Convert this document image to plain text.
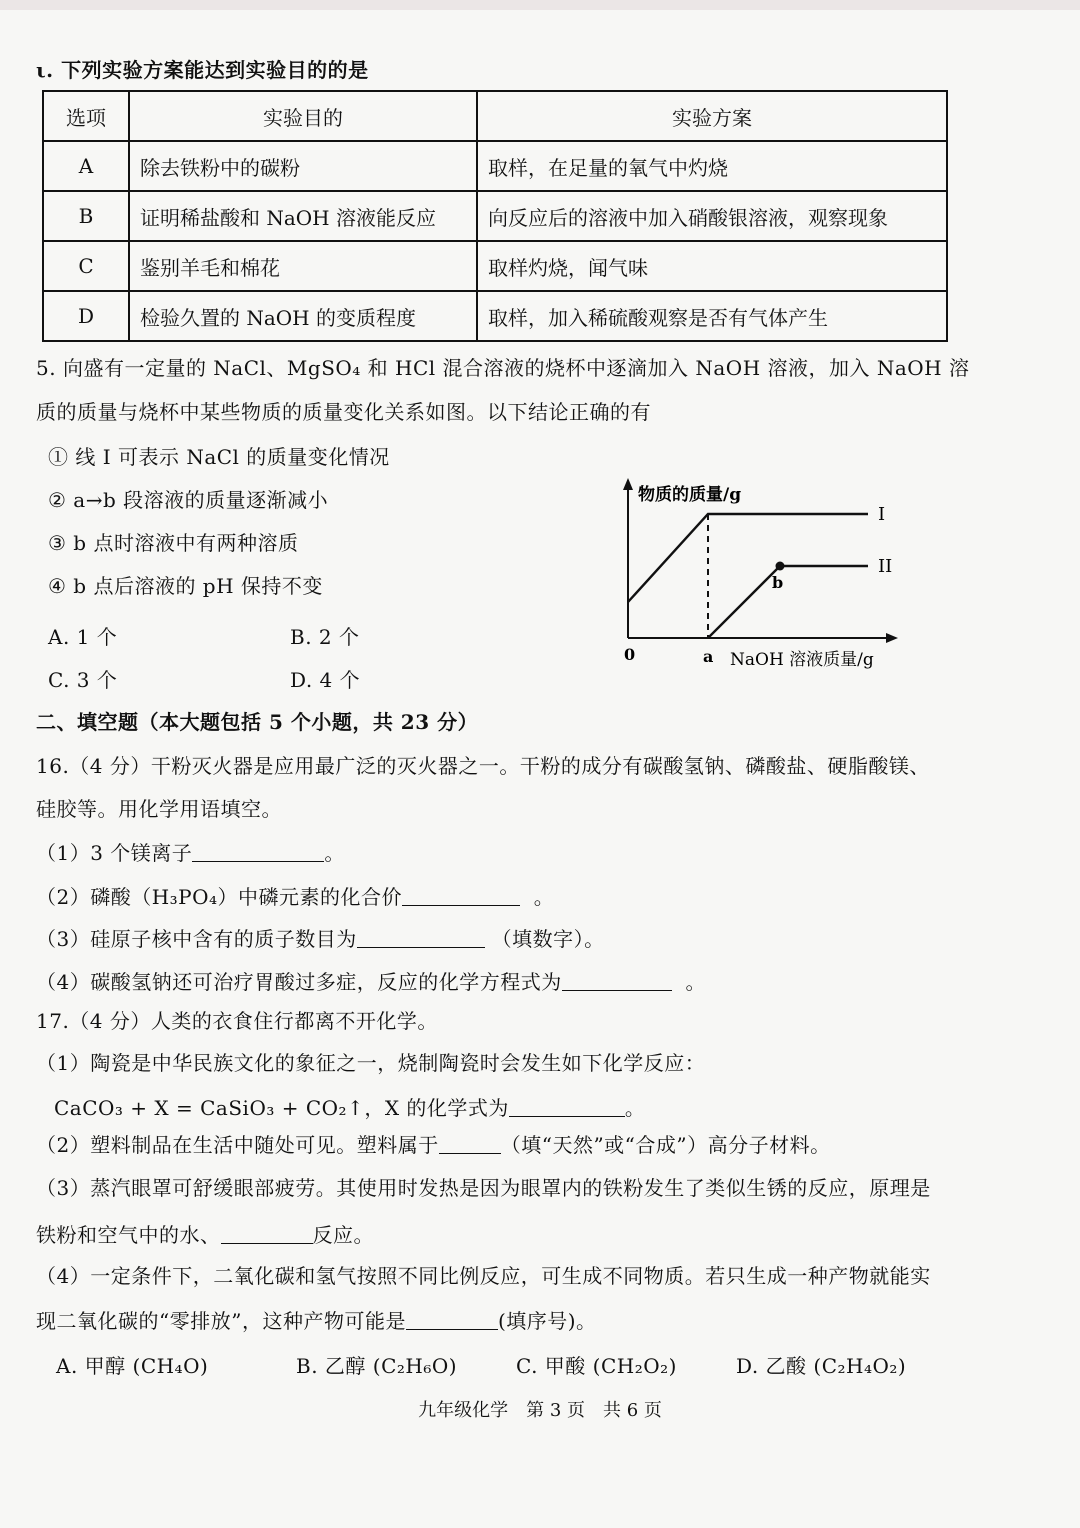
ι. 下列实验方案能达到实验目的的是
选项	实验目的	实验方案
A	除去铁粉中的碳粉	取样，在足量的氧气中灼烧
B	证明稀盐酸和 NaOH 溶液能反应	向反应后的溶液中加入硝酸银溶液，观察现象
C	鉴别羊毛和棉花	取样灼烧，闻气味
D	检验久置的 NaOH 的变质程度	取样，加入稀硫酸观察是否有气体产生
5. 向盛有一定量的 NaCl、MgSO₄ 和 HCl 混合溶液的烧杯中逐滴加入 NaOH 溶液，加入 NaOH 溶
质的质量与烧杯中某些物质的质量变化关系如图。以下结论正确的有
① 线 I 可表示 NaCl 的质量变化情况
② a→b 段溶液的质量逐渐减小
③ b 点时溶液中有两种溶质
④ b 点后溶液的 pH 保持不变
A. 1 个	B. 2 个
C. 3 个	D. 4 个
物质的质量/g
NaOH 溶液质量/g
0	a
I
II
b
二、填空题（本大题包括 5 个小题，共 23 分）
16.（4 分）干粉灭火器是应用最广泛的灭火器之一。干粉的成分有碳酸氢钠、磷酸盐、硬脂酸镁、
硅胶等。用化学用语填空。
（1）3 个镁离子	。
（2）磷酸（H₃PO₄）中磷元素的化合价	。
（3）硅原子核中含有的质子数目为	（填数字）。
（4）碳酸氢钠还可治疗胃酸过多症，反应的化学方程式为	。
17.（4 分）人类的衣食住行都离不开化学。
（1）陶瓷是中华民族文化的象征之一，烧制陶瓷时会发生如下化学反应：
CaCO₃ + X = CaSiO₃ + CO₂↑，X 的化学式为	。
（2）塑料制品在生活中随处可见。塑料属于	（填“天然”或“合成”）高分子材料。
（3）蒸汽眼罩可舒缓眼部疲劳。其使用时发热是因为眼罩内的铁粉发生了类似生锈的反应，原理是
铁粉和空气中的水、	反应。
（4）一定条件下，二氧化碳和氢气按照不同比例反应，可生成不同物质。若只生成一种产物就能实
现二氧化碳的“零排放”，这种产物可能是	(填序号)。
A. 甲醇 (CH₄O)	B. 乙醇 (C₂H₆O)	C. 甲酸 (CH₂O₂)	D. 乙酸 (C₂H₄O₂)
九年级化学　第 3 页　共 6 页
